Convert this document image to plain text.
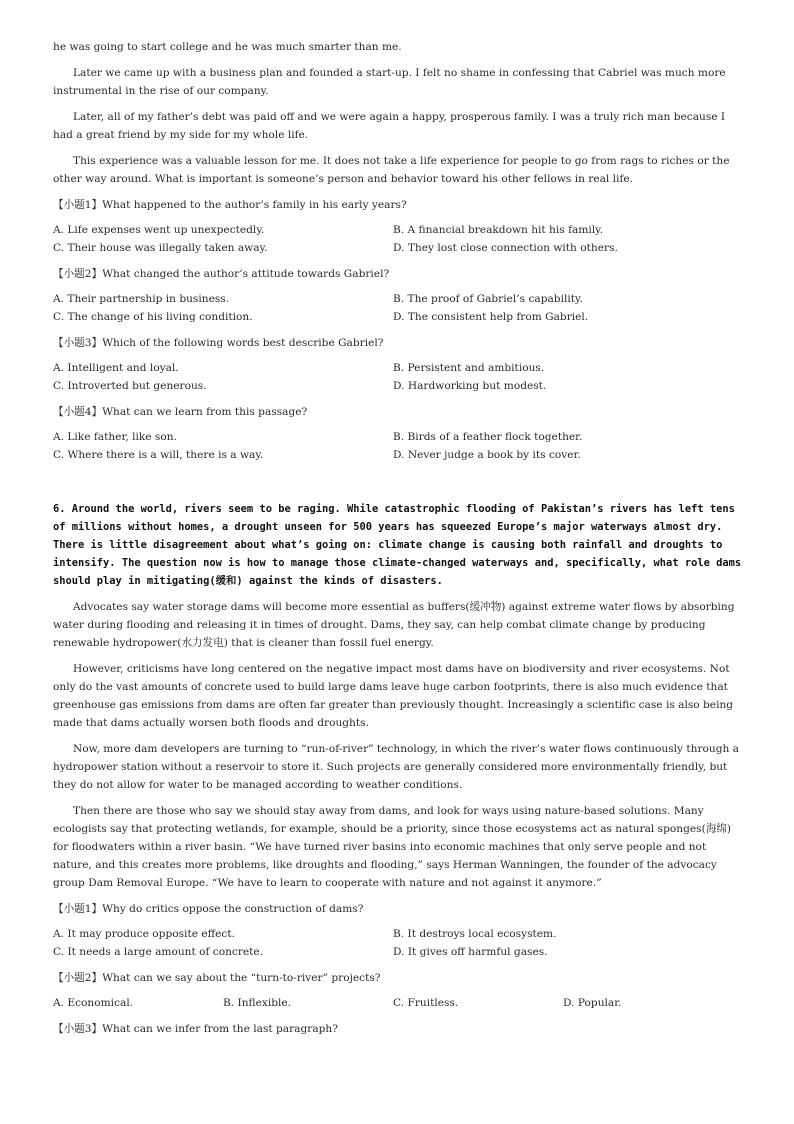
he was going to start college and he was much smarter than me.

Later we came up with a business plan and founded a start-up. I felt no shame in confessing that Cabriel was much more instrumental in the rise of our company.

Later, all of my father’s debt was paid off and we were again a happy, prosperous family. I was a truly rich man because I had a great friend by my side for my whole life.

This experience was a valuable lesson for me. It does not take a life experience for people to go from rags to riches or the other way around. What is important is someone’s person and behavior toward his other fellows in real life.

【小题1】What happened to the author’s family in his early years?

A. Life expenses went up unexpectedly.	B. A financial breakdown hit his family.
C. Their house was illegally taken away.	D. They lost close connection with others.

【小题2】What changed the author’s attitude towards Gabriel?

A. Their partnership in business.	B. The proof of Gabriel’s capability.
C. The change of his living condition.	D. The consistent help from Gabriel.

【小题3】Which of the following words best describe Gabriel?

A. Intelligent and loyal.	B. Persistent and ambitious.
C. Introverted but generous.	D. Hardworking but modest.

【小题4】What can we learn from this passage?

A. Like father, like son.	B. Birds of a feather flock together.
C. Where there is a will, there is a way.	D. Never judge a book by its cover.

6. Around the world, rivers seem to be raging. While catastrophic flooding of Pakistan’s rivers has left tens of millions without homes, a drought unseen for 500 years has squeezed Europe’s major waterways almost dry. There is little disagreement about what’s going on: climate change is causing both rainfall and droughts to intensify. The question now is how to manage those climate-changed waterways and, specifically, what role dams should play in mitigating(缓和) against the kinds of disasters.

Advocates say water storage dams will become more essential as buffers(缓冲物) against extreme water flows by absorbing water during flooding and releasing it in times of drought. Dams, they say, can help combat climate change by producing renewable hydropower(水力发电) that is cleaner than fossil fuel energy.

However, criticisms have long centered on the negative impact most dams have on biodiversity and river ecosystems. Not only do the vast amounts of concrete used to build large dams leave huge carbon footprints, there is also much evidence that greenhouse gas emissions from dams are often far greater than previously thought. Increasingly a scientific case is also being made that dams actually worsen both floods and droughts.

Now, more dam developers are turning to “run-of-river” technology, in which the river’s water flows continuously through a hydropower station without a reservoir to store it. Such projects are generally considered more environmentally friendly, but they do not allow for water to be managed according to weather conditions.

Then there are those who say we should stay away from dams, and look for ways using nature-based solutions. Many ecologists say that protecting wetlands, for example, should be a priority, since those ecosystems act as natural sponges(海绵) for floodwaters within a river basin. “We have turned river basins into economic machines that only serve people and not nature, and this creates more problems, like droughts and flooding,” says Herman Wanningen, the founder of the advocacy group Dam Removal Europe. “We have to learn to cooperate with nature and not against it anymore.”

【小题1】Why do critics oppose the construction of dams?

A. It may produce opposite effect.	B. It destroys local ecosystem.
C. It needs a large amount of concrete.	D. It gives off harmful gases.

【小题2】What can we say about the “turn-to-river” projects?

A. Economical.	B. Inflexible.	C. Fruitless.	D. Popular.

【小题3】What can we infer from the last paragraph?
